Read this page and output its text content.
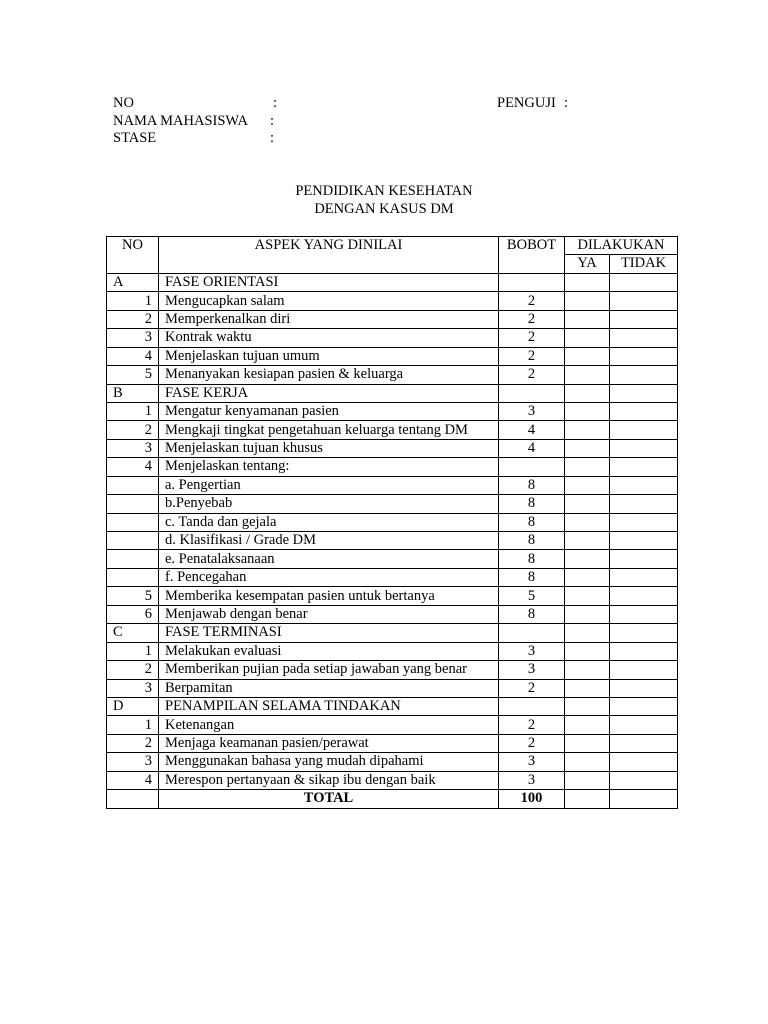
NO	:	PENGUJI :
NAMA MAHASISWA :
STASE	:
PENDIDIKAN KESEHATAN
DENGAN KASUS DM
NO	ASPEK YANG DINILAI	BOBOT	DILAKUKAN	
			YA	TIDAK
A	FASE ORIENTASI			
1	Mengucapkan salam	2		
2	Memperkenalkan diri	2		
3	Kontrak waktu	2		
4	Menjelaskan tujuan umum	2		
5	Menanyakan kesiapan pasien & keluarga	2		
B	FASE KERJA			
1	Mengatur kenyamanan pasien	3		
2	Mengkaji tingkat pengetahuan keluarga tentang DM	4		
3	Menjelaskan tujuan khusus	4		
4	Menjelaskan tentang:			
	a. Pengertian	8		
	b.Penyebab	8		
	c. Tanda dan gejala	8		
	d. Klasifikasi / Grade DM	8		
	e. Penatalaksanaan	8		
	f. Pencegahan	8		
5	Memberika kesempatan pasien untuk bertanya	5		
6	Menjawab dengan benar	8		
C	FASE TERMINASI			
1	Melakukan evaluasi	3		
2	Memberikan pujian pada setiap jawaban yang benar	3		
3	Berpamitan	2		
D	PENAMPILAN SELAMA TINDAKAN			
1	Ketenangan	2		
2	Menjaga keamanan pasien/perawat	2		
3	Menggunakan bahasa yang mudah dipahami	3		
4	Merespon pertanyaan & sikap ibu dengan baik	3		
	TOTAL	100		
